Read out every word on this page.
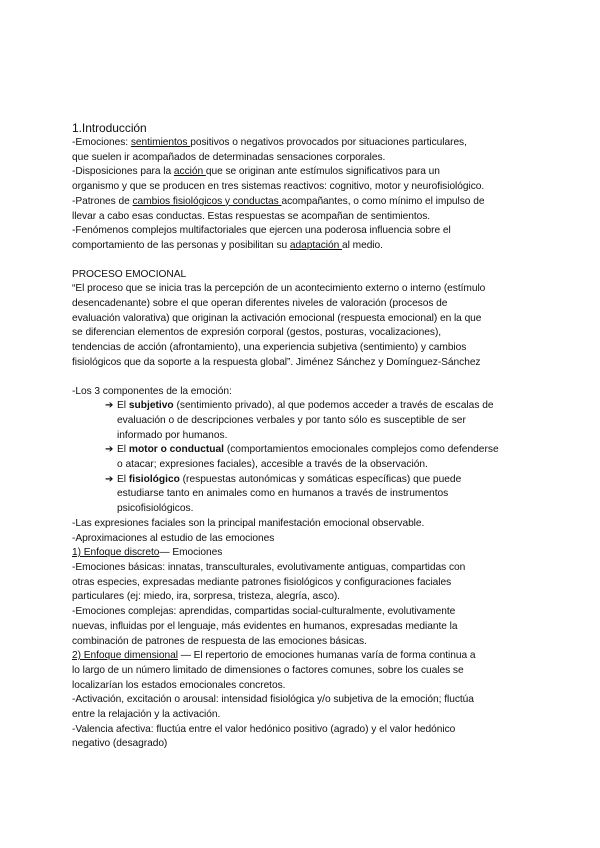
1.Introducción

-Emociones: sentimientos positivos o negativos provocados por situaciones particulares,

que suelen ir acompañados de determinadas sensaciones corporales.

-Disposiciones para la acción que se originan ante estímulos significativos para un

organismo y que se producen en tres sistemas reactivos: cognitivo, motor y neurofisiológico.

-Patrones de cambios fisiológicos y conductas acompañantes, o como mínimo el impulso de

llevar a cabo esas conductas. Estas respuestas se acompañan de sentimientos.

-Fenómenos complejos multifactoriales que ejercen una poderosa influencia sobre el

comportamiento de las personas y posibilitan su adaptación al medio.

PROCESO EMOCIONAL

“El proceso que se inicia tras la percepción de un acontecimiento externo o interno (estímulo

desencadenante) sobre el que operan diferentes niveles de valoración (procesos de

evaluación valorativa) que originan la activación emocional (respuesta emocional) en la que

se diferencian elementos de expresión corporal (gestos, posturas, vocalizaciones),

tendencias de acción (afrontamiento), una experiencia subjetiva (sentimiento) y cambios

fisiológicos que da soporte a la respuesta global”. Jiménez Sánchez y Domínguez-Sánchez

-Los 3 componentes de la emoción:

➔ El subjetivo (sentimiento privado), al que podemos acceder a través de escalas de
evaluación o de descripciones verbales y por tanto sólo es susceptible de ser
informado por humanos.
➔ El motor o conductual (comportamientos emocionales complejos como defenderse
o atacar; expresiones faciales), accesible a través de la observación.
➔ El fisiológico (respuestas autonómicas y somáticas específicas) que puede
estudiarse tanto en animales como en humanos a través de instrumentos
psicofisiológicos.

-Las expresiones faciales son la principal manifestación emocional observable.

-Aproximaciones al estudio de las emociones

1) Enfoque discreto— Emociones

-Emociones básicas: innatas, transculturales, evolutivamente antiguas, compartidas con

otras especies, expresadas mediante patrones fisiológicos y configuraciones faciales

particulares (ej: miedo, ira, sorpresa, tristeza, alegría, asco).

-Emociones complejas: aprendidas, compartidas social-culturalmente, evolutivamente

nuevas, influidas por el lenguaje, más evidentes en humanos, expresadas mediante la

combinación de patrones de respuesta de las emociones básicas.

2) Enfoque dimensional — El repertorio de emociones humanas varía de forma continua a

lo largo de un número limitado de dimensiones o factores comunes, sobre los cuales se

localizarían los estados emocionales concretos.

-Activación, excitación o arousal: intensidad fisiológica y/o subjetiva de la emoción; fluctúa

entre la relajación y la activación.

-Valencia afectiva: fluctúa entre el valor hedónico positivo (agrado) y el valor hedónico

negativo (desagrado)
